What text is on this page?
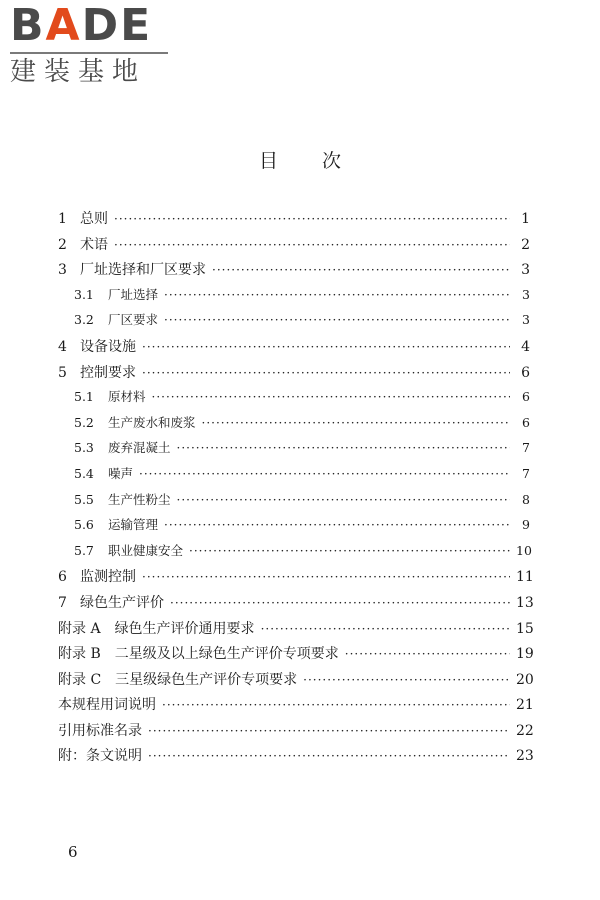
BADE
建装基地
目次
1 总则 ·····	1
2 术语 ·····	2
3 厂址选择和厂区要求 ·····	3
3.1	厂址选择 ·····	3
3.2	厂区要求 ·····	3
4 设备设施 ·····	4
5 控制要求 ·····	6
5.1	原材料 ·····	6
5.2	生产废水和废浆 ·····	6
5.3	废弃混凝土 ·····	7
5.4	噪声 ·····	7
5.5	生产性粉尘 ·····	8
5.6	运输管理 ·····	9
5.7	职业健康安全 ·····	10
6 监测控制 ·····	11
7 绿色生产评价 ·····	13
附录 A 绿色生产评价通用要求 ·····	15
附录 B 二星级及以上绿色生产评价专项要求 ·····	19
附录 C 三星级绿色生产评价专项要求 ·····	20
本规程用词说明 ·····	21
引用标准名录 ·····	22
附：条文说明 ·····	23
6
